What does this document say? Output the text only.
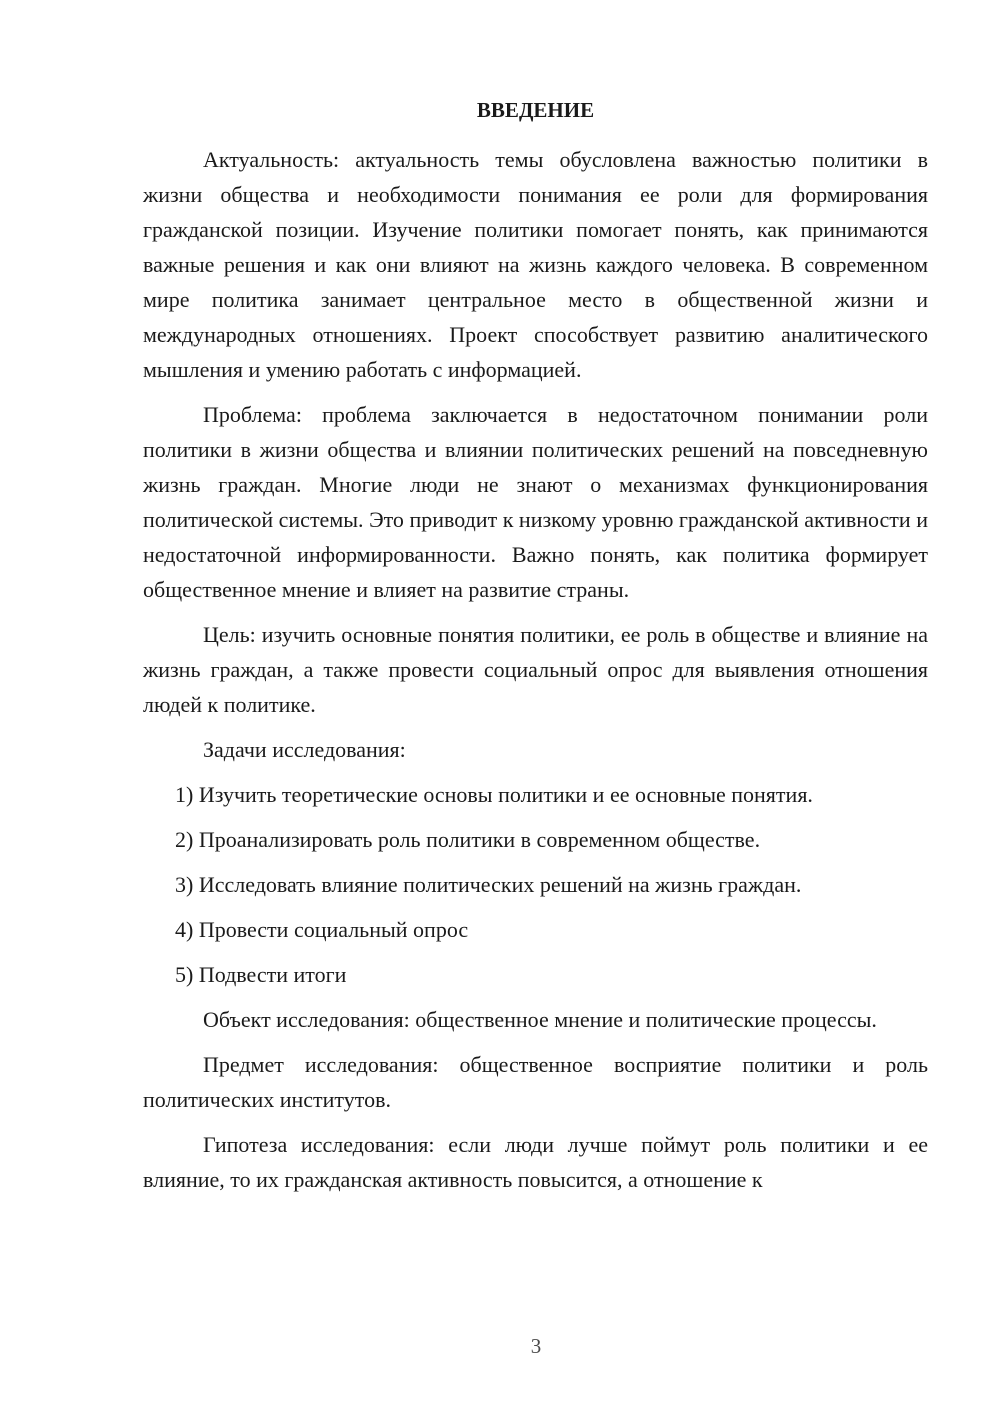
ВВЕДЕНИЕ

Актуальность: актуальность темы обусловлена важностью политики в жизни общества и необходимости понимания ее роли для формирования гражданской позиции. Изучение политики помогает понять, как принимаются важные решения и как они влияют на жизнь каждого человека. В современном мире политика занимает центральное место в общественной жизни и международных отношениях. Проект способствует развитию аналитического мышления и умению работать с информацией.

Проблема: проблема заключается в недостаточном понимании роли политики в жизни общества и влиянии политических решений на повседневную жизнь граждан. Многие люди не знают о механизмах функционирования политической системы. Это приводит к низкому уровню гражданской активности и недостаточной информированности. Важно понять, как политика формирует общественное мнение и влияет на развитие страны.

Цель: изучить основные понятия политики, ее роль в обществе и влияние на жизнь граждан, а также провести социальный опрос для выявления отношения людей к политике.

Задачи исследования:

1) Изучить теоретические основы политики и ее основные понятия.
2) Проанализировать роль политики в современном обществе.
3) Исследовать влияние политических решений на жизнь граждан.
4) Провести социальный опрос
5) Подвести итоги

Объект исследования: общественное мнение и политические процессы.

Предмет исследования: общественное восприятие политики и роль политических институтов.

Гипотеза исследования: если люди лучше поймут роль политики и ее влияние, то их гражданская активность повысится, а отношение к

3
